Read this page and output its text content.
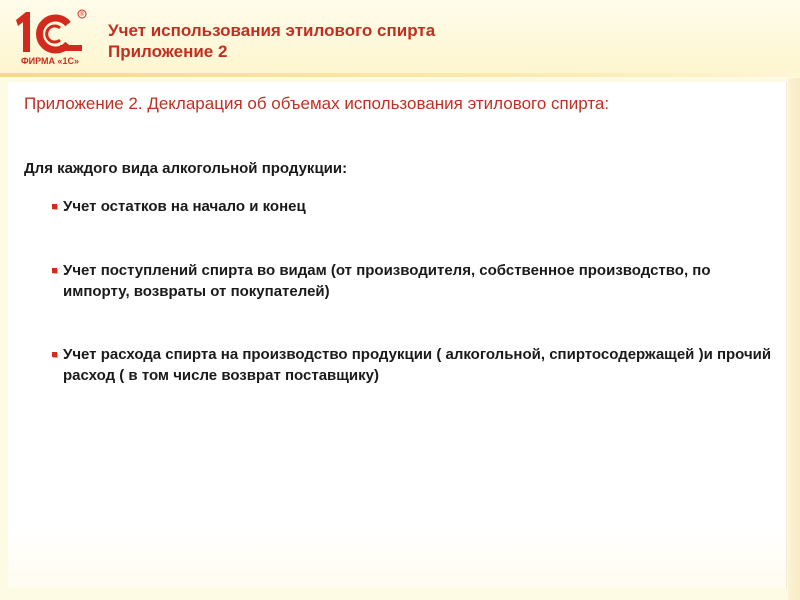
®
ФИРМА «1С»
Учет использования этилового спирта
Приложение 2
Приложение 2. Декларация об объемах использования этилового спирта:

Для каждого вида алкогольной продукции:

Учет остатков на начало и конец
Учет поступлений спирта во видам (от производителя, собственное производство, по импорту, возвраты от покупателей)
Учет расхода спирта на производство продукции ( алкогольной, спиртосодержащей )и прочий расход ( в том числе возврат поставщику)
